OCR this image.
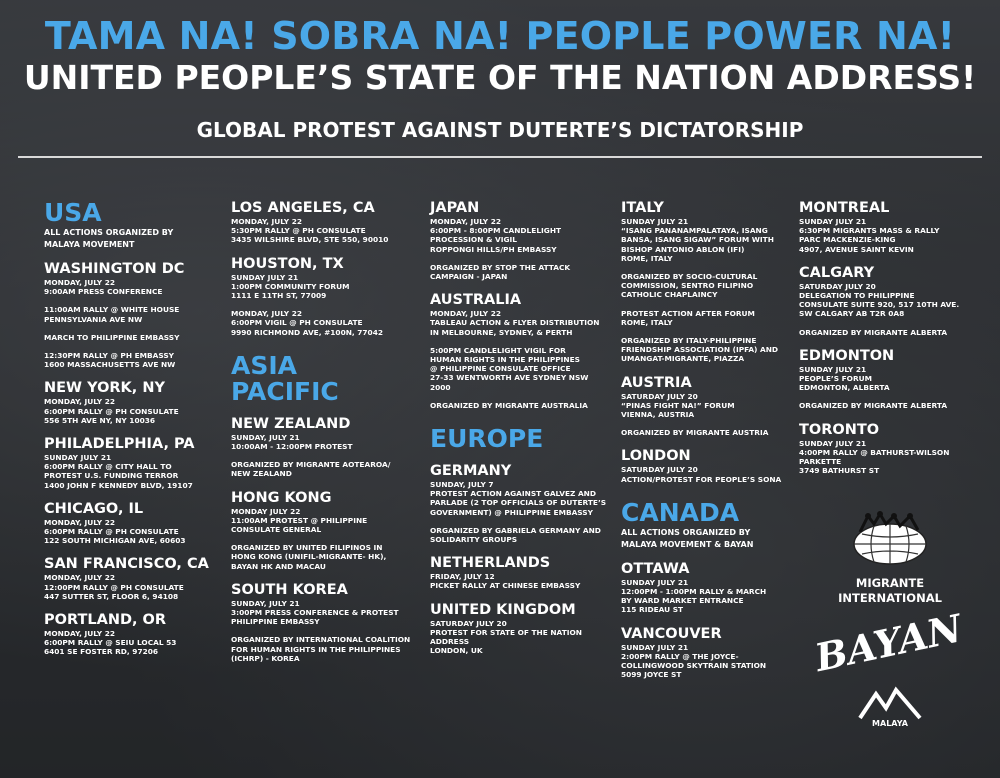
TAMA NA! SOBRA NA! PEOPLE POWER NA!
UNITED PEOPLE’S STATE OF THE NATION ADDRESS!
GLOBAL PROTEST AGAINST DUTERTE’S DICTATORSHIP
USA
ALL ACTIONS ORGANIZED BY
MALAYA MOVEMENT
WASHINGTON DC
MONDAY, JULY 22
9:00AM PRESS CONFERENCE
11:00AM RALLY @ WHITE HOUSE
PENNSYLVANIA AVE NW
MARCH TO PHILIPPINE EMBASSY
12:30PM RALLY @ PH EMBASSY
1600 MASSACHUSETTS AVE NW
NEW YORK, NY
MONDAY, JULY 22
6:00PM RALLY @ PH CONSULATE
556 5TH AVE NY, NY 10036
PHILADELPHIA, PA
SUNDAY JULY 21
6:00PM RALLY @ CITY HALL TO
PROTEST U.S. FUNDING TERROR
1400 JOHN F KENNEDY BLVD, 19107
CHICAGO, IL
MONDAY, JULY 22
6:00PM RALLY @ PH CONSULATE
122 SOUTH MICHIGAN AVE, 60603
SAN FRANCISCO, CA
MONDAY, JULY 22
12:00PM RALLY @ PH CONSULATE
447 SUTTER ST, FLOOR 6, 94108
PORTLAND, OR
MONDAY, JULY 22
6:00PM RALLY @ SEIU LOCAL 53
6401 SE FOSTER RD, 97206
LOS ANGELES, CA
MONDAY, JULY 22
5:30PM RALLY @ PH CONSULATE
3435 WILSHIRE BLVD, STE 550, 90010
HOUSTON, TX
SUNDAY JULY 21
1:00PM COMMUNITY FORUM
1111 E 11TH ST, 77009
MONDAY, JULY 22
6:00PM VIGIL @ PH CONSULATE
9990 RICHMOND AVE, #100N, 77042
ASIA PACIFIC
NEW ZEALAND
SUNDAY, JULY 21
10:00AM - 12:00PM PROTEST
ORGANIZED BY MIGRANTE AOTEAROA/
NEW ZEALAND
HONG KONG
MONDAY JULY 22
11:00AM PROTEST @ PHILIPPINE
CONSULATE GENERAL
ORGANIZED BY UNITED FILIPINOS IN
HONG KONG (UNIFIL-MIGRANTE- HK),
BAYAN HK AND MACAU
SOUTH KOREA
SUNDAY, JULY 21
3:00PM PRESS CONFERENCE & PROTEST
PHILIPPINE EMBASSY
ORGANIZED BY INTERNATIONAL COALITION
FOR HUMAN RIGHTS IN THE PHILIPPINES
(ICHRP) - KOREA
JAPAN
MONDAY, JULY 22
6:00PM - 8:00PM CANDLELIGHT
PROCESSION & VIGIL
ROPPONGI HILLS/PH EMBASSY
ORGANIZED BY STOP THE ATTACK
CAMPAIGN - JAPAN
AUSTRALIA
MONDAY, JULY 22
TABLEAU ACTION & FLYER DISTRIBUTION
IN MELBOURNE, SYDNEY, & PERTH
5:00PM CANDLELIGHT VIGIL FOR
HUMAN RIGHTS IN THE PHILIPPINES
@ PHILIPPINE CONSULATE OFFICE
27-33 WENTWORTH AVE SYDNEY NSW
2000
ORGANIZED BY MIGRANTE AUSTRALIA
EUROPE
GERMANY
SUNDAY, JULY 7
PROTEST ACTION AGAINST GALVEZ AND
PARLADE (2 TOP OFFICIALS OF DUTERTE’S
GOVERNMENT) @ PHILIPPINE EMBASSY
ORGANIZED BY GABRIELA GERMANY AND
SOLIDARITY GROUPS
NETHERLANDS
FRIDAY, JULY 12
PICKET RALLY AT CHINESE EMBASSY
UNITED KINGDOM
SATURDAY JULY 20
PROTEST FOR STATE OF THE NATION
ADDRESS
LONDON, UK
ITALY
SUNDAY JULY 21
“ISANG PANANAMPALATAYA, ISANG
BANSA, ISANG SIGAW” FORUM WITH
BISHOP ANTONIO ABLON (IFI)
ROME, ITALY
ORGANIZED BY SOCIO-CULTURAL
COMMISSION, SENTRO FILIPINO
CATHOLIC CHAPLAINCY
PROTEST ACTION AFTER FORUM
ROME, ITALY
ORGANIZED BY ITALY-PHILIPPINE
FRIENDSHIP ASSOCIATION (IPFA) AND
UMANGAT-MIGRANTE, PIAZZA
AUSTRIA
SATURDAY JULY 20
“PINAS FIGHT NA!” FORUM
VIENNA, AUSTRIA
ORGANIZED BY MIGRANTE AUSTRIA
LONDON
SATURDAY JULY 20
ACTION/PROTEST FOR PEOPLE’S SONA
CANADA
ALL ACTIONS ORGANIZED BY
MALAYA MOVEMENT & BAYAN
OTTAWA
SUNDAY JULY 21
12:00PM - 1:00PM RALLY & MARCH
BY WARD MARKET ENTRANCE
115 RIDEAU ST
VANCOUVER
SUNDAY JULY 21
2:00PM RALLY @ THE JOYCE-
COLLINGWOOD SKYTRAIN STATION
5099 JOYCE ST
MONTREAL
SUNDAY JULY 21
6:30PM MIGRANTS MASS & RALLY
PARC MACKENZIE-KING
4907, AVENUE SAINT KEVIN
CALGARY
SATURDAY JULY 20
DELEGATION TO PHILIPPINE
CONSULATE SUITE 920, 517 10TH AVE.
SW CALGARY AB T2R 0A8
ORGANIZED BY MIGRANTE ALBERTA
EDMONTON
SUNDAY JULY 21
PEOPLE’S FORUM
EDMONTON, ALBERTA
ORGANIZED BY MIGRANTE ALBERTA
TORONTO
SUNDAY JULY 21
4:00PM RALLY @ BATHURST-WILSON
PARKETTE
3749 BATHURST ST
MIGRANTE
INTERNATIONAL
BAYAN

MALAYA
